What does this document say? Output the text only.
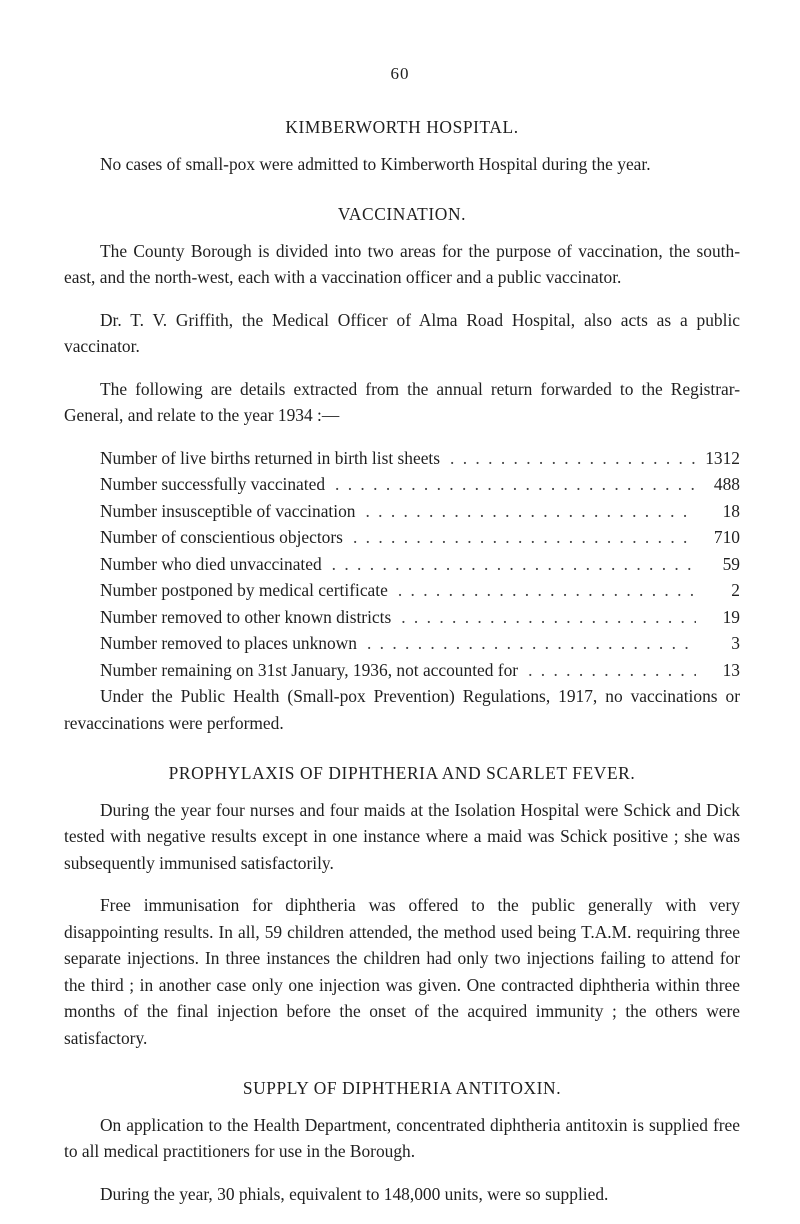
60
KIMBERWORTH HOSPITAL.

No cases of small-pox were admitted to Kimberworth Hospital during the year.

VACCINATION.

The County Borough is divided into two areas for the purpose of vaccination, the south-east, and the north-west, each with a vaccination officer and a public vaccinator.

Dr. T. V. Griffith, the Medical Officer of Alma Road Hospital, also acts as a public vaccinator.

The following are details extracted from the annual return forwarded to the Registrar-General, and relate to the year 1934 :—

Number of live births returned in birth list sheets . . .	1312
Number successfully vaccinated . . .	488
Number insusceptible of vaccination . . .	18
Number of conscientious objectors . . .	710
Number who died unvaccinated . . .	59
Number postponed by medical certificate . . .	2
Number removed to other known districts . . .	19
Number removed to places unknown . . .	3
Number remaining on 31st January, 1936, not accounted for . . .	13

Under the Public Health (Small-pox Prevention) Regulations, 1917, no vaccinations or revaccinations were performed.

PROPHYLAXIS OF DIPHTHERIA AND SCARLET FEVER.

During the year four nurses and four maids at the Isolation Hospital were Schick and Dick tested with negative results except in one instance where a maid was Schick positive ; she was subsequently immunised satisfactorily.

Free immunisation for diphtheria was offered to the public generally with very disappointing results. In all, 59 children attended, the method used being T.A.M. requiring three separate injections. In three instances the children had only two injections failing to attend for the third ; in another case only one injection was given. One contracted diphtheria within three months of the final injection before the onset of the acquired immunity ; the others were satisfactory.

SUPPLY OF DIPHTHERIA ANTITOXIN.

On application to the Health Department, concentrated diphtheria antitoxin is supplied free to all medical practitioners for use in the Borough.

During the year, 30 phials, equivalent to 148,000 units, were so supplied.
